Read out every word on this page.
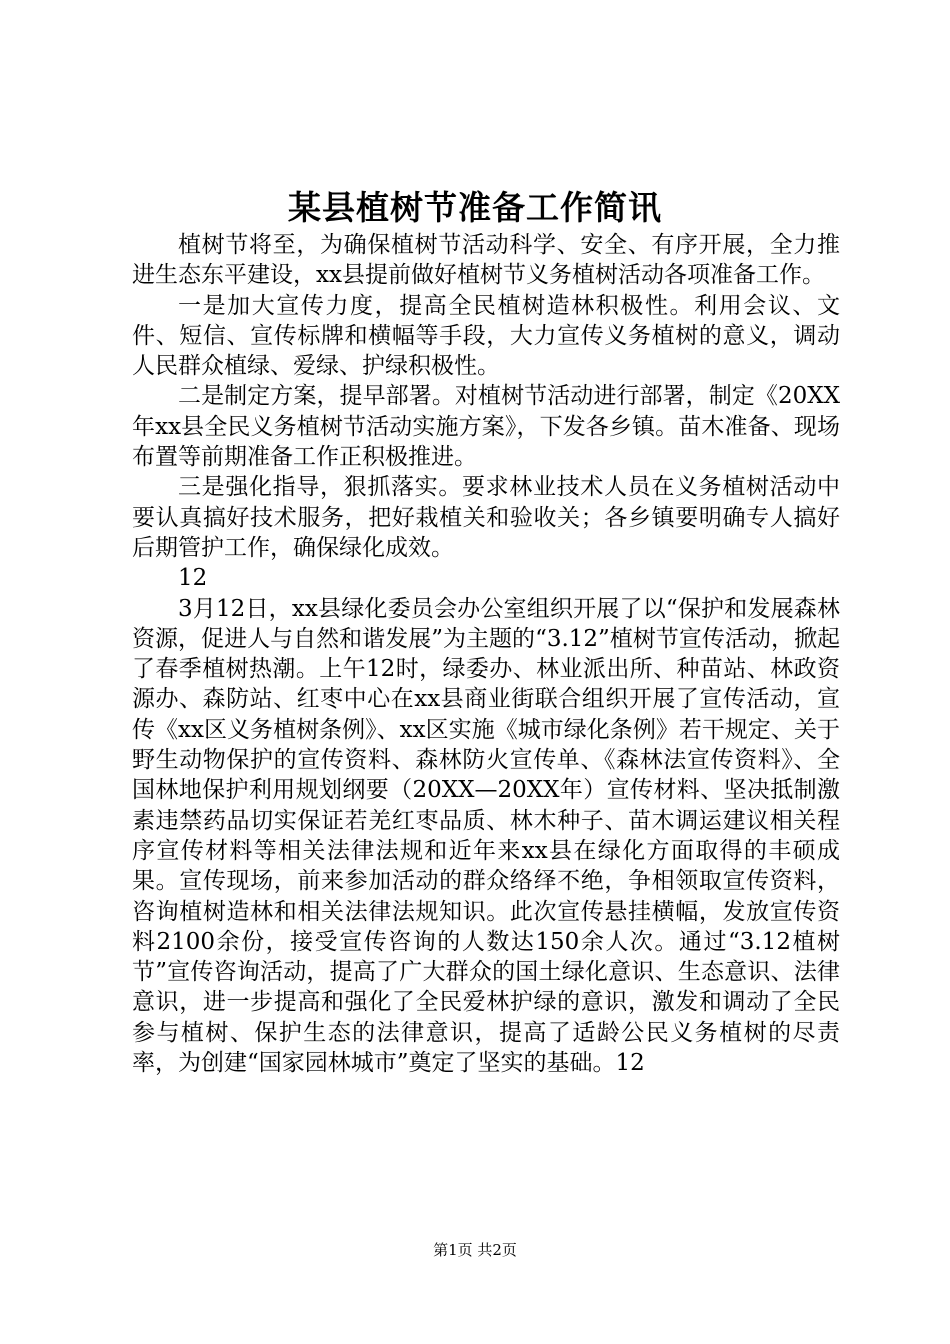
某县植树节准备工作简讯

植树节将至，为确保植树节活动科学、安全、有序开展，全力推进生态东平建设，xx县提前做好植树节义务植树活动各项准备工作。

一是加大宣传力度，提高全民植树造林积极性。利用会议、文件、短信、宣传标牌和横幅等手段，大力宣传义务植树的意义，调动人民群众植绿、爱绿、护绿积极性。

二是制定方案，提早部署。对植树节活动进行部署，制定《20XX年xx县全民义务植树节活动实施方案》，下发各乡镇。苗木准备、现场布置等前期准备工作正积极推进。

三是强化指导，狠抓落实。要求林业技术人员在义务植树活动中要认真搞好技术服务，把好栽植关和验收关；各乡镇要明确专人搞好后期管护工作，确保绿化成效。

12

3月12日，xx县绿化委员会办公室组织开展了以“保护和发展森林资源，促进人与自然和谐发展”为主题的“3.12”植树节宣传活动，掀起了春季植树热潮。上午12时，绿委办、林业派出所、种苗站、林政资源办、森防站、红枣中心在xx县商业街联合组织开展了宣传活动，宣传《xx区义务植树条例》、xx区实施《城市绿化条例》若干规定、关于野生动物保护的宣传资料、森林防火宣传单、《森林法宣传资料》、全国林地保护利用规划纲要（20XX—20XX年）宣传材料、坚决抵制激素违禁药品切实保证若羌红枣品质、林木种子、苗木调运建议相关程序宣传材料等相关法律法规和近年来xx县在绿化方面取得的丰硕成果。宣传现场，前来参加活动的群众络绎不绝，争相领取宣传资料，咨询植树造林和相关法律法规知识。此次宣传悬挂横幅，发放宣传资料2100余份，接受宣传咨询的人数达150余人次。通过“3.12植树节”宣传咨询活动，提高了广大群众的国土绿化意识、生态意识、法律意识，进一步提高和强化了全民爱林护绿的意识，激发和调动了全民参与植树、保护生态的法律意识，提高了适龄公民义务植树的尽责率，为创建“国家园林城市”奠定了坚实的基础。12

第1页 共2页
